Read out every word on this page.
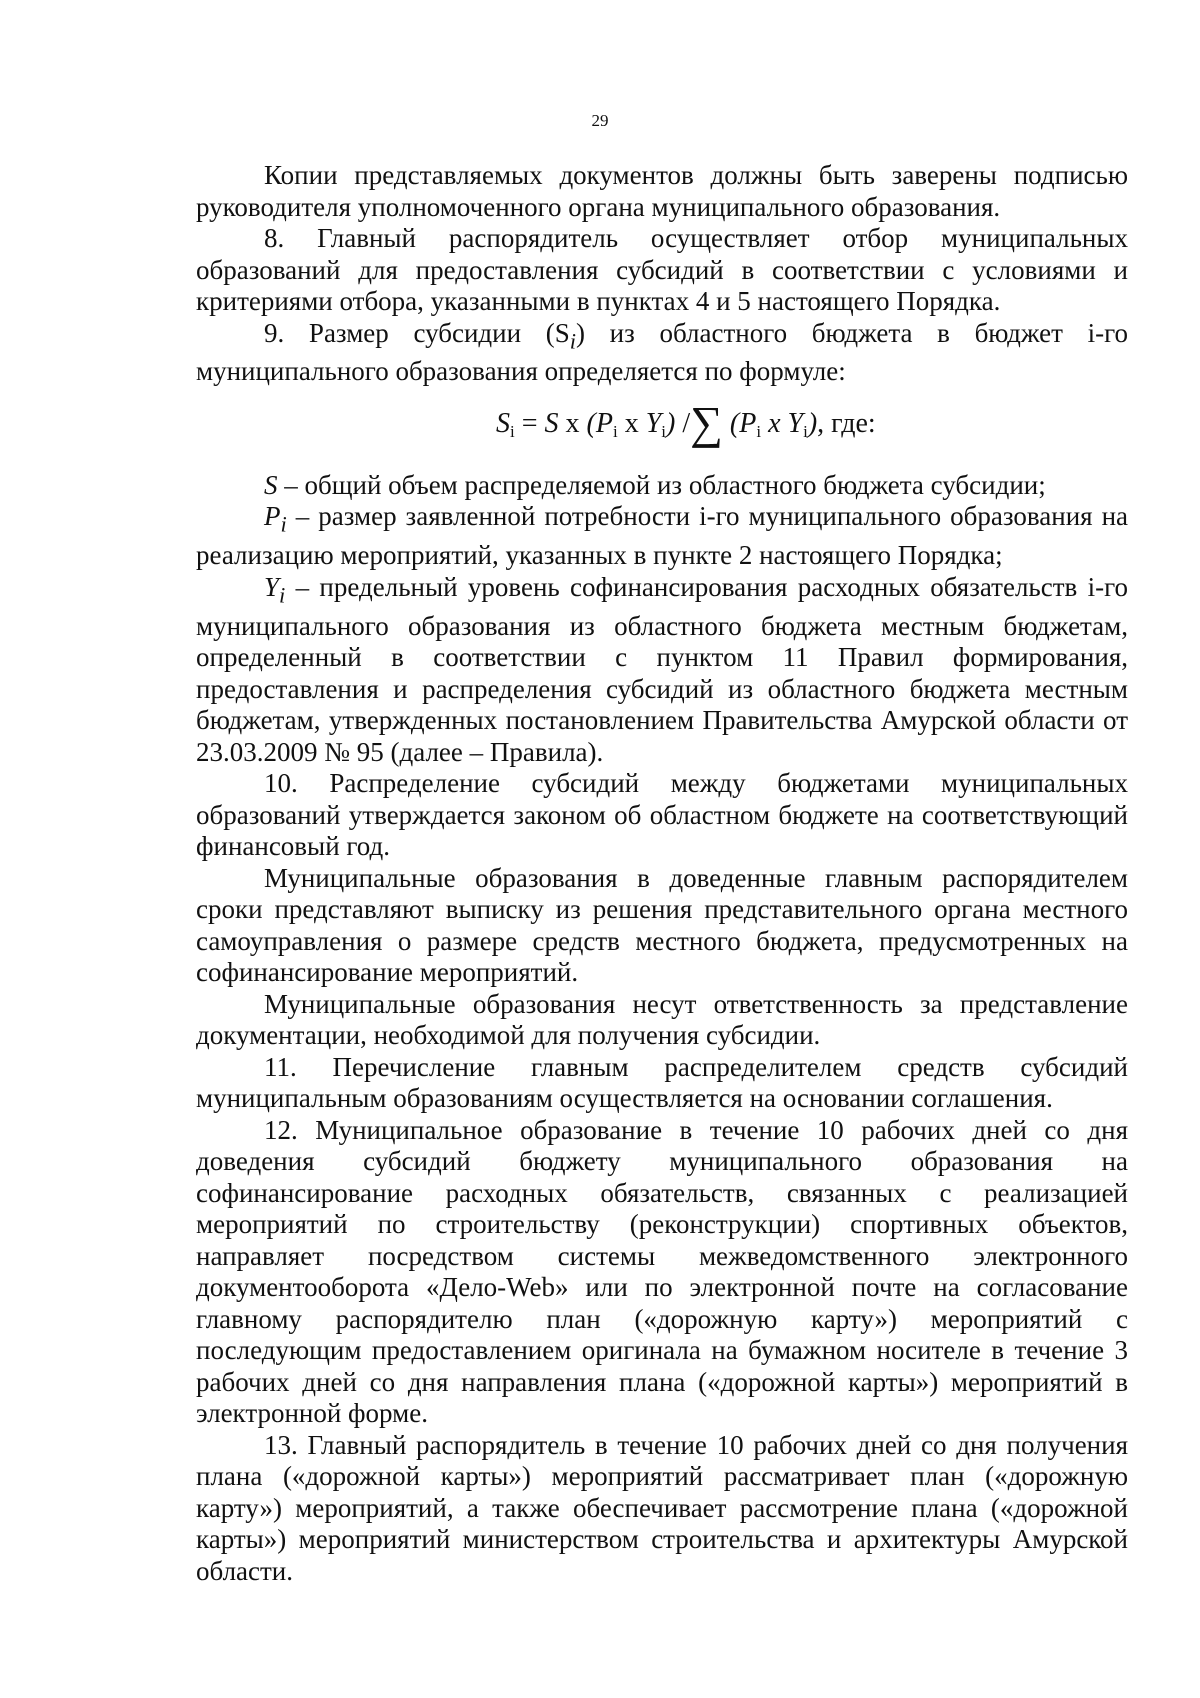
29

Копии представляемых документов должны быть заверены подписью руководителя уполномоченного органа муниципального образования.

8. Главный распорядитель осуществляет отбор муниципальных образований для предоставления субсидий в соответствии с условиями и критериями отбора, указанными в пунктах 4 и 5 настоящего Порядка.

9. Размер субсидии $(S_i)$ из областного бюджета в бюджет i-го муниципального образования определяется по формуле:

$S_i = S$ x ($P_i$ x $Y_i$) /∑ ($P_i$ x $Y_i$), где:

S – общий объем распределяемой из областного бюджета субсидии;

$P_i$ – размер заявленной потребности i-го муниципального образования на реализацию мероприятий, указанных в пункте 2 настоящего Порядка;

$Y_i$ – предельный уровень софинансирования расходных обязательств i-го муниципального образования из областного бюджета местным бюджетам, определенный в соответствии с пунктом 11 Правил формирования, предоставления и распределения субсидий из областного бюджета местным бюджетам, утвержденных постановлением Правительства Амурской области от 23.03.2009 № 95 (далее – Правила).

10. Распределение субсидий между бюджетами муниципальных образований утверждается законом об областном бюджете на соответствующий финансовый год.

Муниципальные образования в доведенные главным распорядителем сроки представляют выписку из решения представительного органа местного самоуправления о размере средств местного бюджета, предусмотренных на софинансирование мероприятий.

Муниципальные образования несут ответственность за представление документации, необходимой для получения субсидии.

11. Перечисление главным распределителем средств субсидий муниципальным образованиям осуществляется на основании соглашения.

12. Муниципальное образование в течение 10 рабочих дней со дня доведения субсидий бюджету муниципального образования на софинансирование расходных обязательств, связанных с реализацией мероприятий по строительству (реконструкции) спортивных объектов, направляет посредством системы межведомственного электронного документооборота «Дело-Web» или по электронной почте на согласование главному распорядителю план («дорожную карту») мероприятий с последующим предоставлением оригинала на бумажном носителе в течение 3 рабочих дней со дня направления плана («дорожной карты») мероприятий в электронной форме.

13. Главный распорядитель в течение 10 рабочих дней со дня получения плана («дорожной карты») мероприятий рассматривает план («дорожную карту») мероприятий, а также обеспечивает рассмотрение плана («дорожной карты») мероприятий министерством строительства и архитектуры Амурской области.
